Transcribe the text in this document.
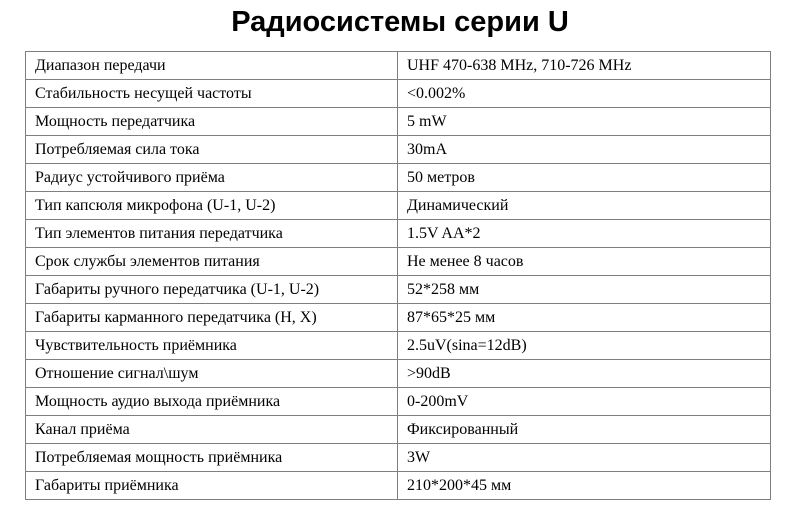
Радиосистемы серии U
Диапазон передачи	UHF 470-638 MHz, 710-726 MHz
Стабильность несущей частоты	<0.002%
Мощность передатчика	5 mW
Потребляемая сила тока	30mA
Радиус устойчивого приёма	50 метров
Тип капсюля микрофона (U-1, U-2)	Динамический
Тип элементов питания передатчика	1.5V AA*2
Срок службы элементов питания	Не менее 8 часов
Габариты ручного передатчика (U-1, U-2)	52*258 мм
Габариты карманного передатчика (H, X)	87*65*25 мм
Чувствительность приёмника	2.5uV(sina=12dB)
Отношение сигнал\шум	>90dB
Мощность аудио выхода приёмника	0-200mV
Канал приёма	Фиксированный
Потребляемая мощность приёмника	3W
Габариты приёмника	210*200*45 мм
